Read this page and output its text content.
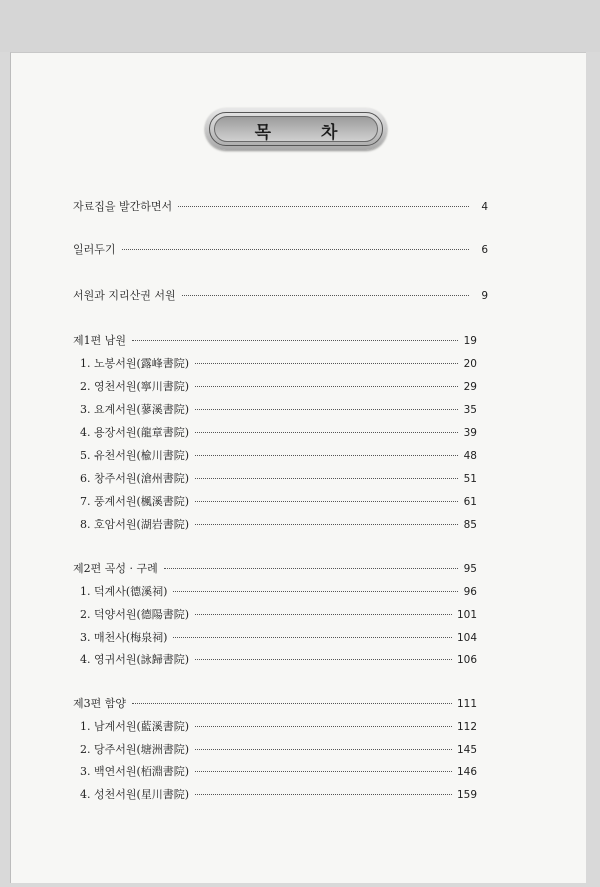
목 차
자료집을 발간하면서	4
일러두기	6
서원과 지리산권 서원	9
제1편 남원	19
1. 노봉서원(露峰書院)	20
2. 영천서원(寧川書院)	29
3. 요계서원(蓼溪書院)	35
4. 용장서원(龍章書院)	39
5. 유천서원(楡川書院)	48
6. 창주서원(滄州書院)	51
7. 풍계서원(楓溪書院)	61
8. 호암서원(湖岩書院)	85
제2편 곡성 · 구례	95
1. 덕계사(德溪祠)	96
2. 덕양서원(德陽書院)	101
3. 매천사(梅泉祠)	104
4. 영귀서원(詠歸書院)	106
제3편 함양	111
1. 남계서원(藍溪書院)	112
2. 당주서원(塘洲書院)	145
3. 백연서원(栢淵書院)	146
4. 성천서원(星川書院)	159
